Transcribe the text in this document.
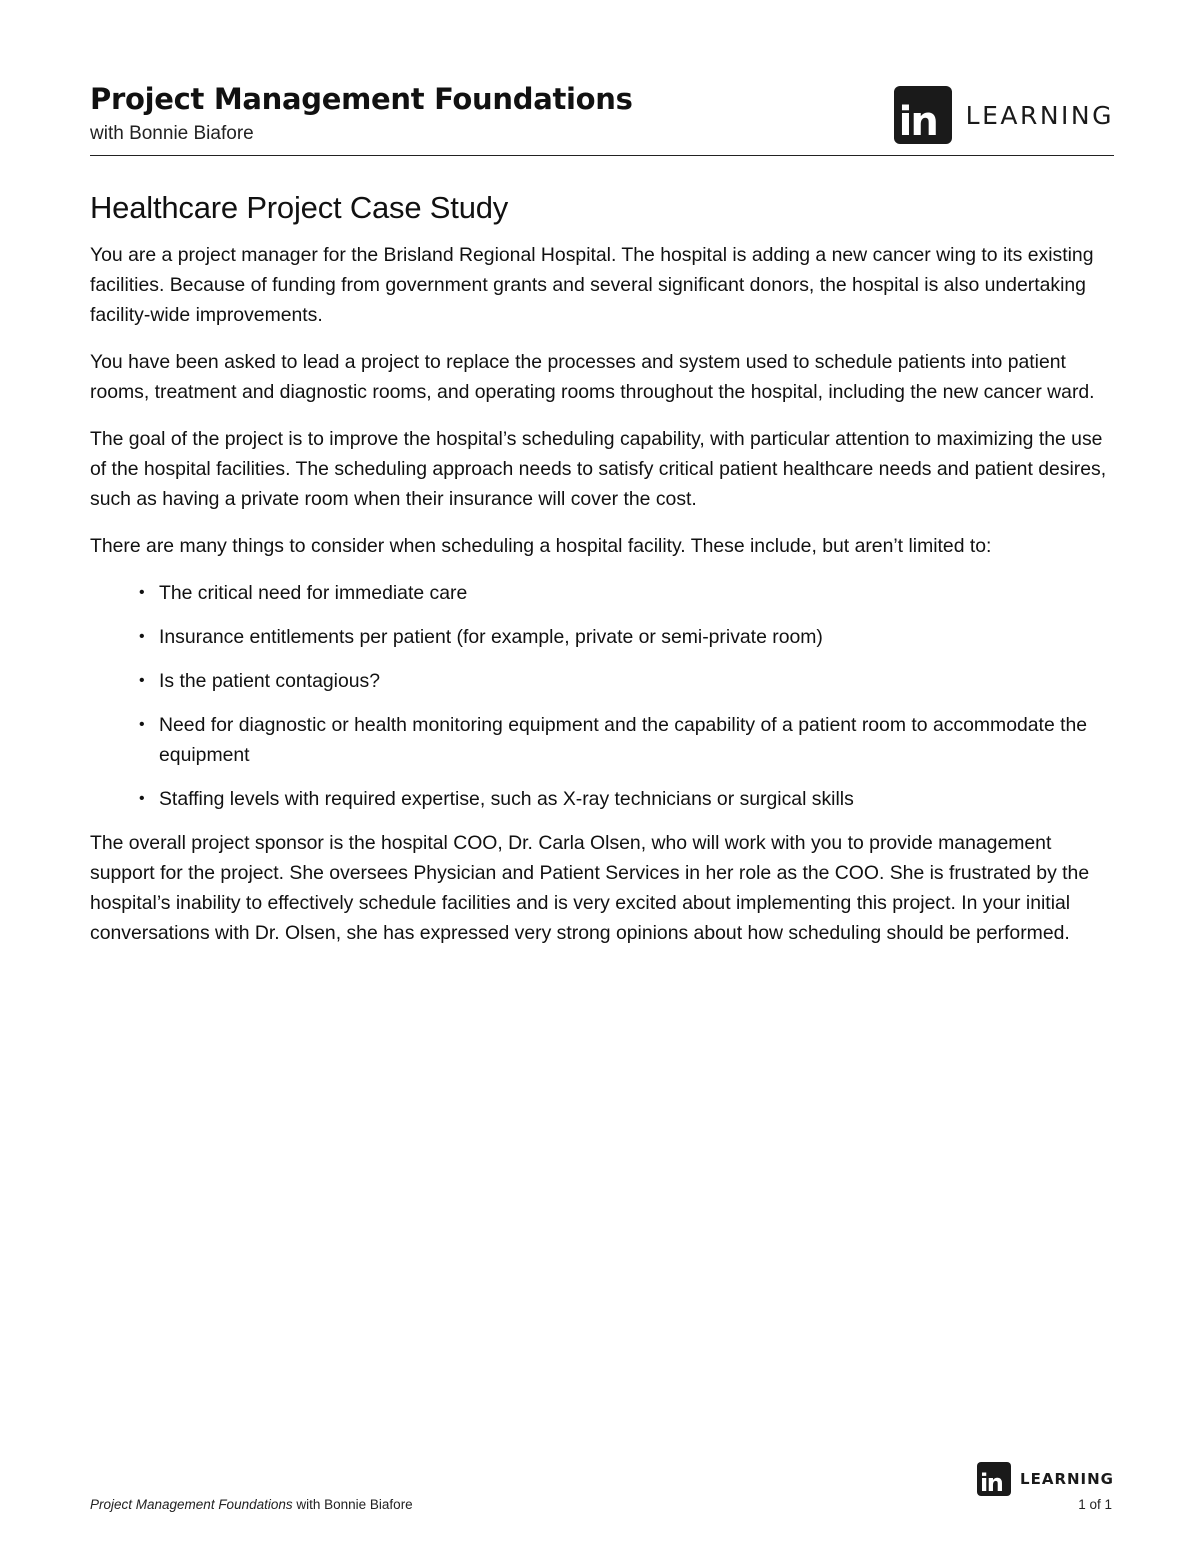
Project Management Foundations
with Bonnie Biafore	in LEARNING
Healthcare Project Case Study

You are a project manager for the Brisland Regional Hospital. The hospital is adding a new cancer wing to its existing facilities. Because of funding from government grants and several significant donors, the hospital is also undertaking facility-wide improvements.

You have been asked to lead a project to replace the processes and system used to schedule patients into patient rooms, treatment and diagnostic rooms, and operating rooms throughout the hospital, including the new cancer ward.

The goal of the project is to improve the hospital’s scheduling capability, with particular attention to maximizing the use of the hospital facilities. The scheduling approach needs to satisfy critical patient healthcare needs and patient desires, such as having a private room when their insurance will cover the cost.

There are many things to consider when scheduling a hospital facility. These include, but aren’t limited to:

• The critical need for immediate care
• Insurance entitlements per patient (for example, private or semi-private room)
• Is the patient contagious?
• Need for diagnostic or health monitoring equipment and the capability of a patient room to accommodate the equipment
• Staffing levels with required expertise, such as X-ray technicians or surgical skills

The overall project sponsor is the hospital COO, Dr. Carla Olsen, who will work with you to provide management support for the project. She oversees Physician and Patient Services in her role as the COO. She is frustrated by the hospital’s inability to effectively schedule facilities and is very excited about implementing this project. In your initial conversations with Dr. Olsen, she has expressed very strong opinions about how scheduling should be performed.

Project Management Foundations with Bonnie Biafore
in LEARNING
1 of 1
